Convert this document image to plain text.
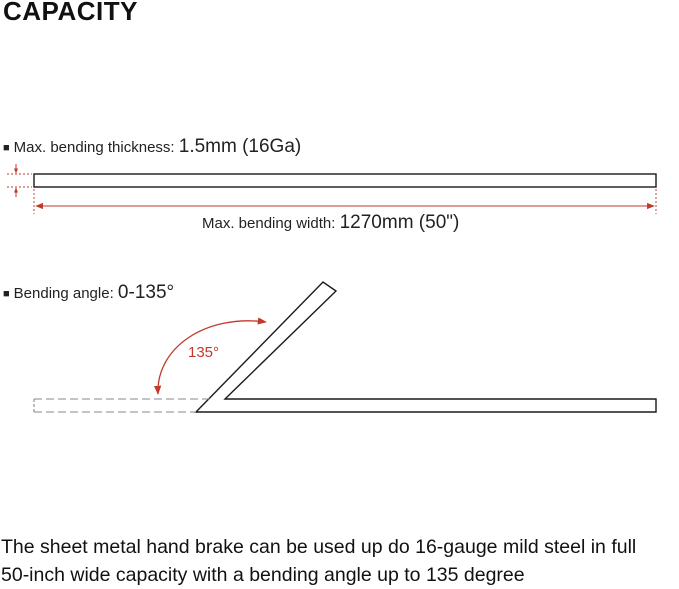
CAPACITY
■ Max. bending thickness: 1.5mm (16Ga)
Max. bending width: 1270mm (50")
■ Bending angle: 0-135°
135°
The sheet metal hand brake can be used up do 16-gauge mild steel in full
50-inch wide capacity with a bending angle up to 135 degree
